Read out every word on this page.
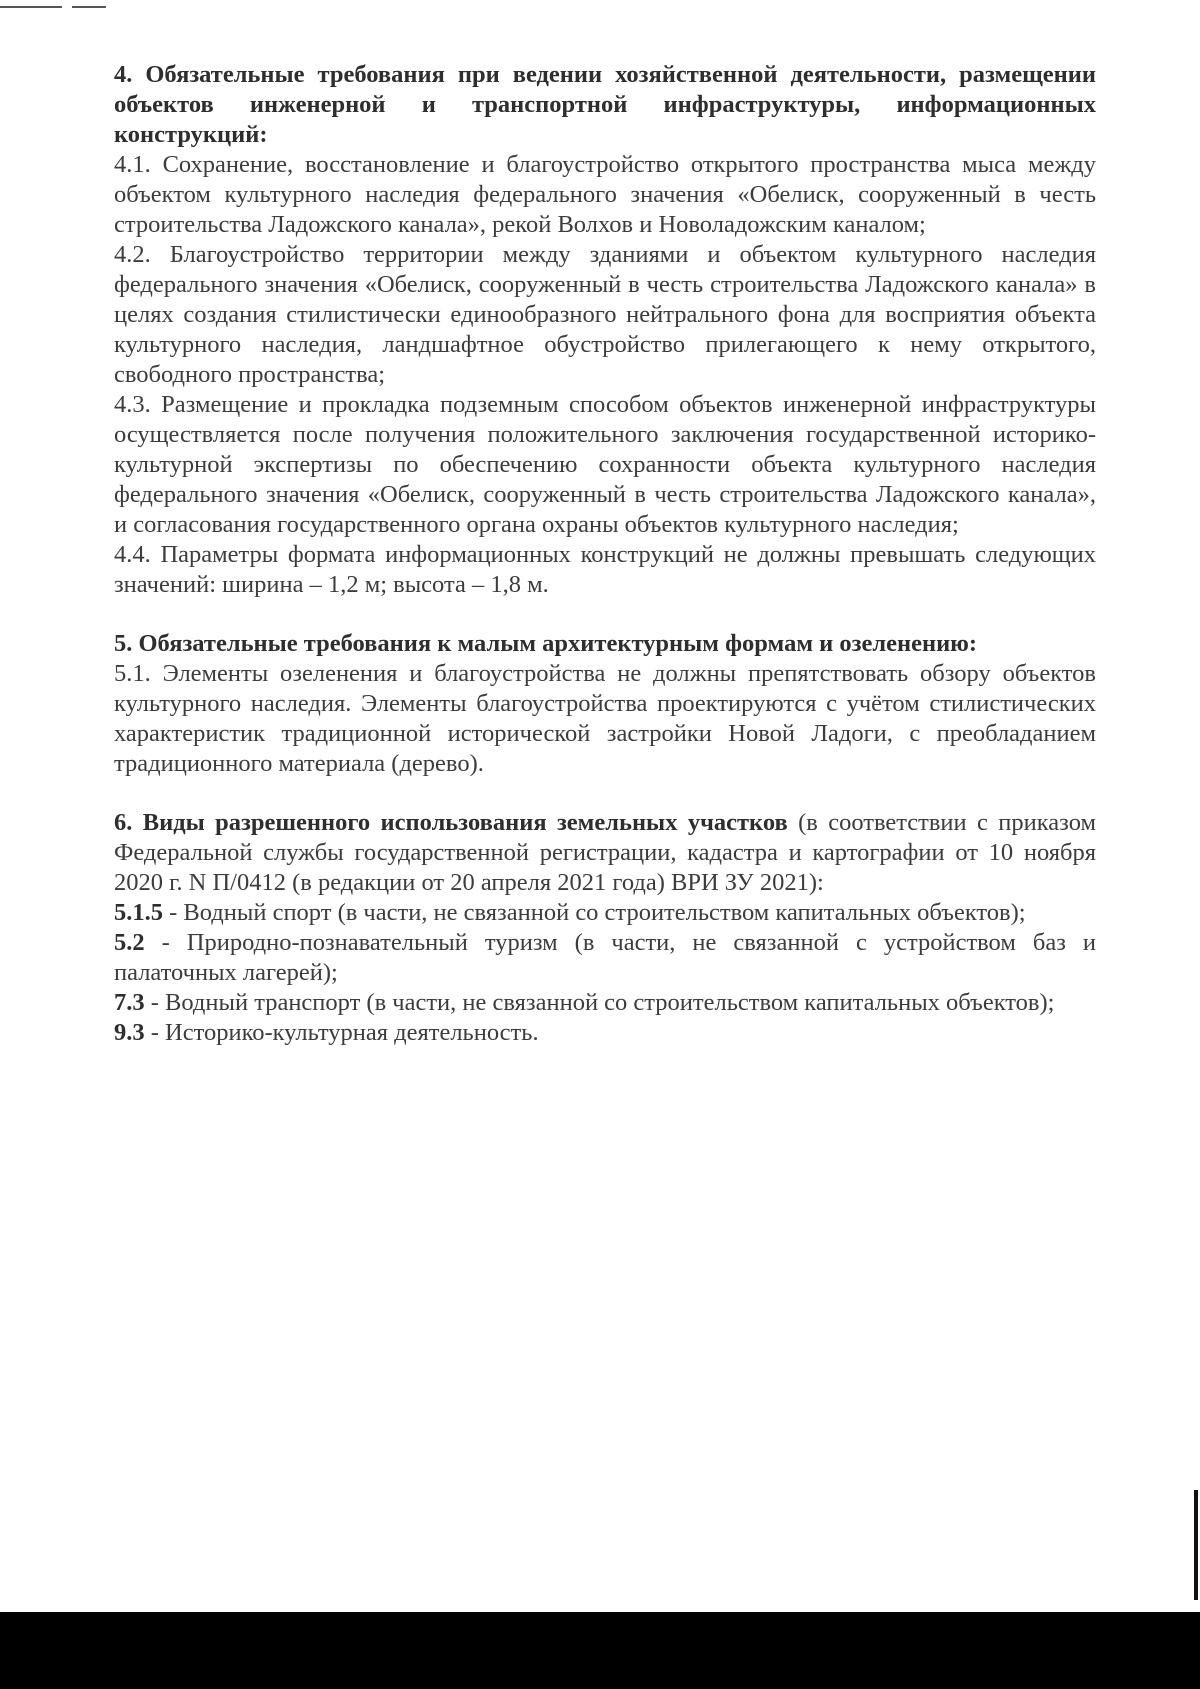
4. Обязательные требования при ведении хозяйственной деятельности, размещении объектов инженерной и транспортной инфраструктуры, информационных конструкций:

4.1. Сохранение, восстановление и благоустройство открытого пространства мыса между объектом культурного наследия федерального значения «Обелиск, сооруженный в честь строительства Ладожского канала», рекой Волхов и Новоладожским каналом;

4.2. Благоустройство территории между зданиями и объектом культурного наследия федерального значения «Обелиск, сооруженный в честь строительства Ладожского канала» в целях создания стилистически единообразного нейтрального фона для восприятия объекта культурного наследия, ландшафтное обустройство прилегающего к нему открытого, свободного пространства;

4.3. Размещение и прокладка подземным способом объектов инженерной инфраструктуры осуществляется после получения положительного заключения государственной историко-культурной экспертизы по обеспечению сохранности объекта культурного наследия федерального значения «Обелиск, сооруженный в честь строительства Ладожского канала», и согласования государственного органа охраны объектов культурного наследия;

4.4. Параметры формата информационных конструкций не должны превышать следующих значений: ширина – 1,2 м; высота – 1,8 м.

5. Обязательные требования к малым архитектурным формам и озеленению:

5.1. Элементы озеленения и благоустройства не должны препятствовать обзору объектов культурного наследия. Элементы благоустройства проектируются с учётом стилистических характеристик традиционной исторической застройки Новой Ладоги, с преобладанием традиционного материала (дерево).

6. Виды разрешенного использования земельных участков (в соответствии с приказом Федеральной службы государственной регистрации, кадастра и картографии от 10 ноября 2020 г. N П/0412 (в редакции от 20 апреля 2021 года) ВРИ ЗУ 2021):

5.1.5 - Водный спорт (в части, не связанной со строительством капитальных объектов);

5.2 - Природно-познавательный туризм (в части, не связанной с устройством баз и палаточных лагерей);

7.3 - Водный транспорт (в части, не связанной со строительством капитальных объектов);

9.3 - Историко-культурная деятельность.
